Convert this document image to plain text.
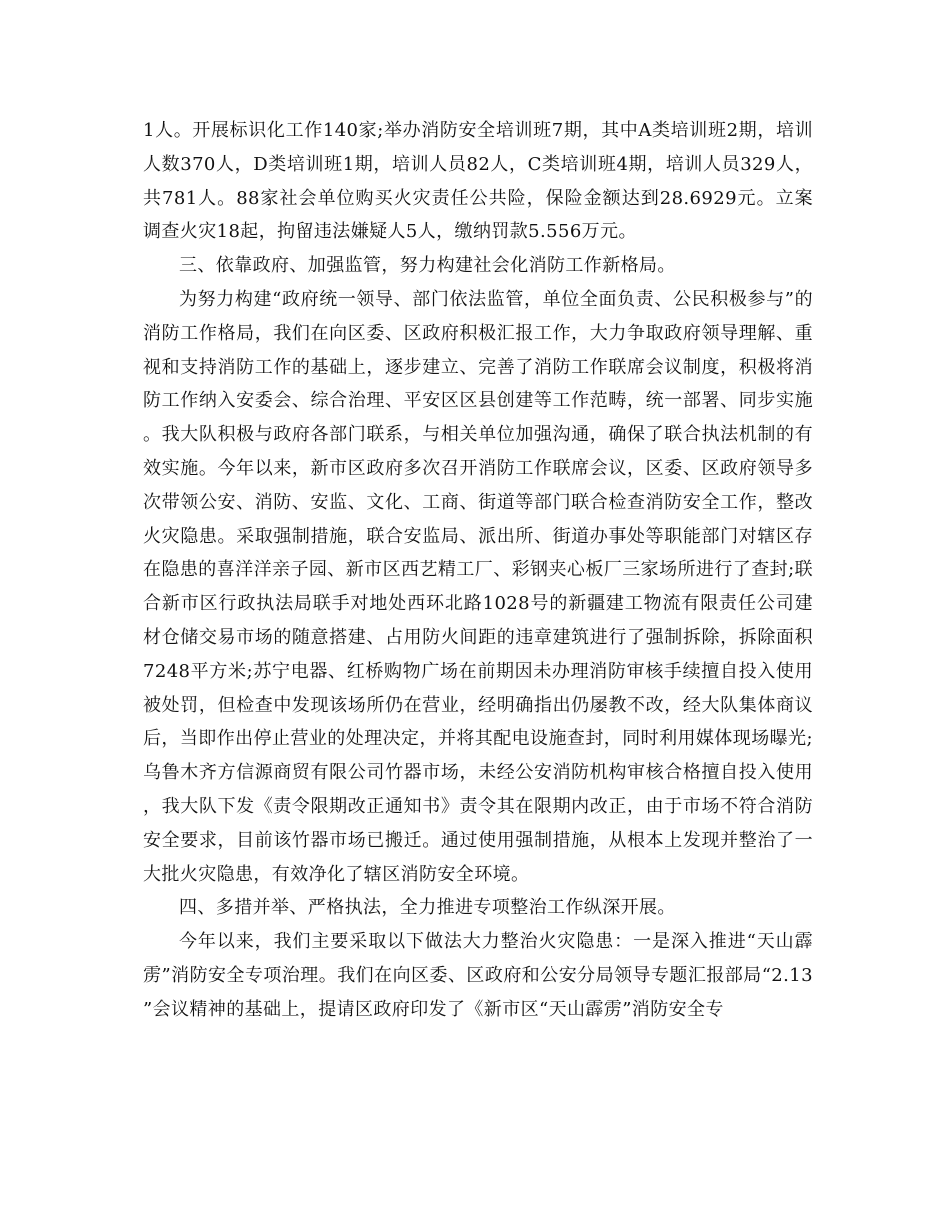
1人。开展标识化工作140家;举办消防安全培训班7期，其中A类培训班2期，培训人数370人，D类培训班1期，培训人员82人，C类培训班4期，培训人员329人，共781人。88家社会单位购买火灾责任公共险，保险金额达到28.6929元。立案调查火灾18起，拘留违法嫌疑人5人，缴纳罚款5.556万元。

三、依靠政府、加强监管，努力构建社会化消防工作新格局。

为努力构建“政府统一领导、部门依法监管，单位全面负责、公民积极参与”的消防工作格局，我们在向区委、区政府积极汇报工作，大力争取政府领导理解、重视和支持消防工作的基础上，逐步建立、完善了消防工作联席会议制度，积极将消防工作纳入安委会、综合治理、平安区区县创建等工作范畴，统一部署、同步实施。我大队积极与政府各部门联系，与相关单位加强沟通，确保了联合执法机制的有效实施。今年以来，新市区政府多次召开消防工作联席会议，区委、区政府领导多次带领公安、消防、安监、文化、工商、街道等部门联合检查消防安全工作，整改火灾隐患。采取强制措施，联合安监局、派出所、街道办事处等职能部门对辖区存在隐患的喜洋洋亲子园、新市区西艺精工厂、彩钢夹心板厂三家场所进行了查封;联合新市区行政执法局联手对地处西环北路1028号的新疆建工物流有限责任公司建材仓储交易市场的随意搭建、占用防火间距的违章建筑进行了强制拆除，拆除面积7248平方米;苏宁电器、红桥购物广场在前期因未办理消防审核手续擅自投入使用被处罚，但检查中发现该场所仍在营业，经明确指出仍屡教不改，经大队集体商议后，当即作出停止营业的处理决定，并将其配电设施查封，同时利用媒体现场曝光;乌鲁木齐方信源商贸有限公司竹器市场，未经公安消防机构审核合格擅自投入使用，我大队下发《责令限期改正通知书》责令其在限期内改正，由于市场不符合消防安全要求，目前该竹器市场已搬迁。通过使用强制措施，从根本上发现并整治了一大批火灾隐患，有效净化了辖区消防安全环境。

四、多措并举、严格执法，全力推进专项整治工作纵深开展。

今年以来，我们主要采取以下做法大力整治火灾隐患：一是深入推进“天山霹雳”消防安全专项治理。我们在向区委、区政府和公安分局领导专题汇报部局“2.13”会议精神的基础上，提请区政府印发了《新市区“天山霹雳”消防安全专
